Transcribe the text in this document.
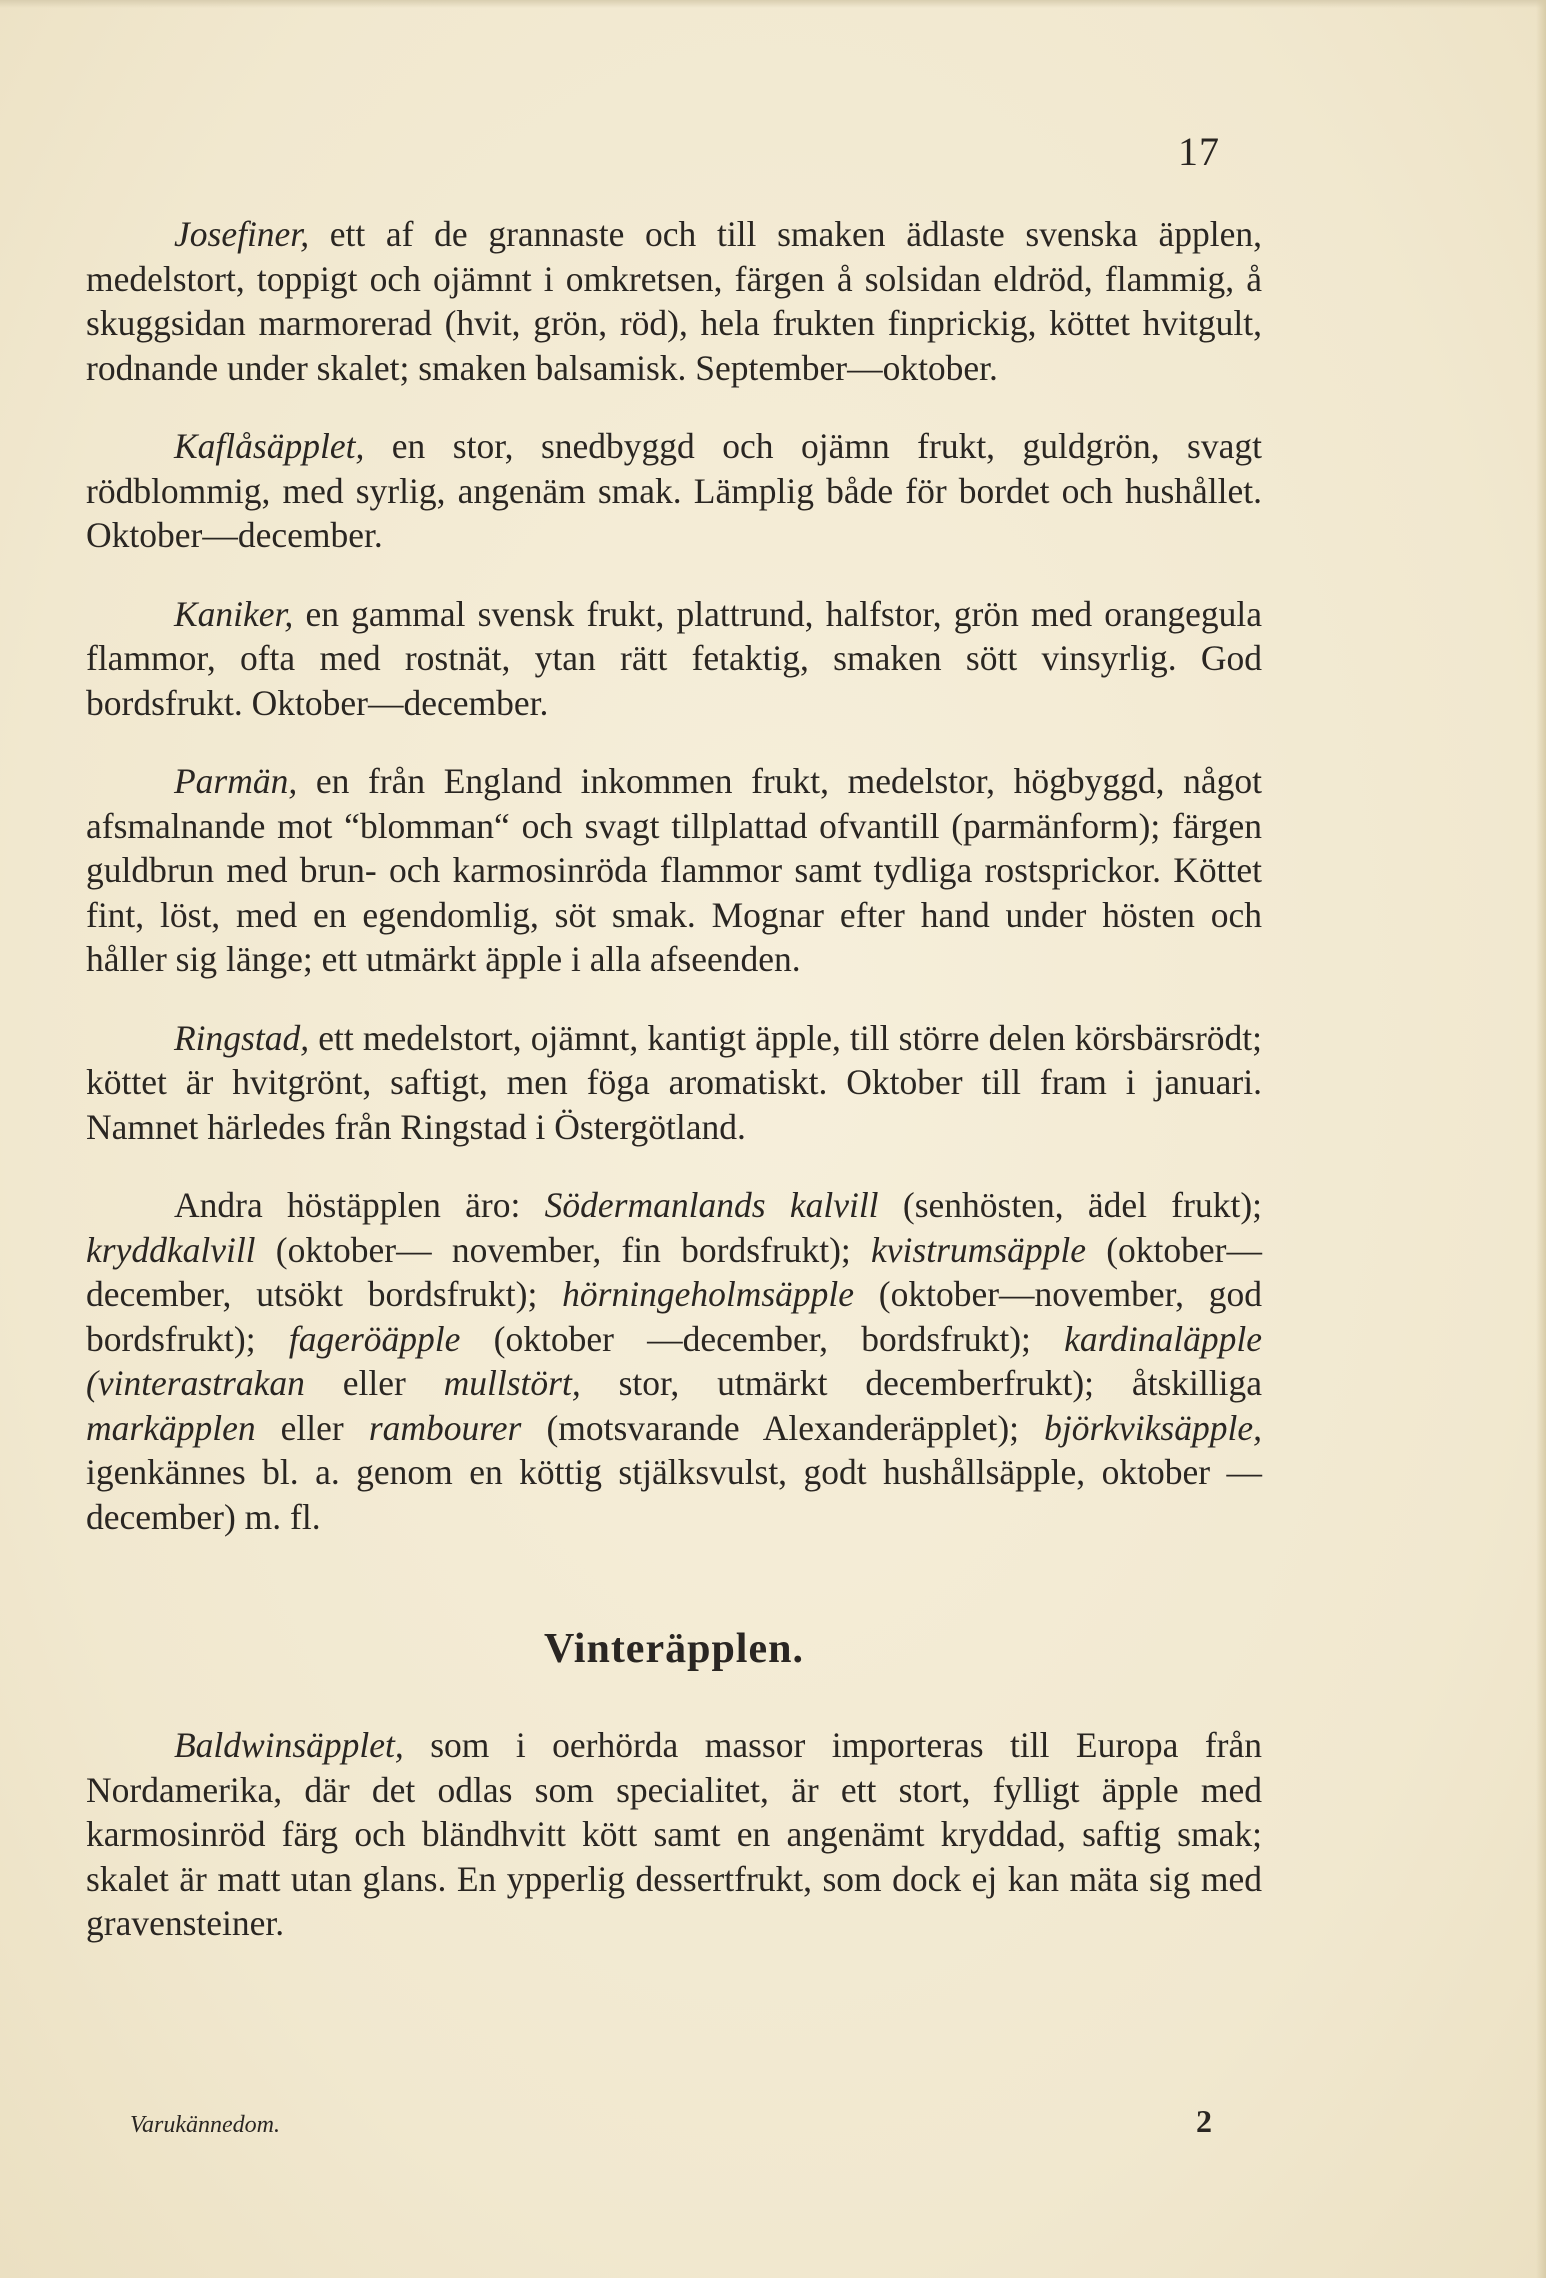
17

Josefiner, ett af de grannaste och till smaken ädlaste svenska äpplen, medelstort, toppigt och ojämnt i omkretsen, färgen å solsidan eldröd, flammig, å skuggsidan marmorerad (hvit, grön, röd), hela frukten finprickig, köttet hvitgult, rodnande under skalet; smaken balsamisk. September—oktober.

Kaflåsäpplet, en stor, snedbyggd och ojämn frukt, guldgrön, svagt rödblommig, med syrlig, angenäm smak. Lämplig både för bordet och hushållet. Oktober—december.

Kaniker, en gammal svensk frukt, plattrund, halfstor, grön med orangegula flammor, ofta med rostnät, ytan rätt fetaktig, smaken sött vinsyrlig. God bordsfrukt. Oktober—december.

Parmän, en från England inkommen frukt, medelstor, högbyggd, något afsmalnande mot “blomman“ och svagt tillplattad ofvantill (parmänform); färgen guldbrun med brun- och karmosinröda flammor samt tydliga rostsprickor. Köttet fint, löst, med en egendomlig, söt smak. Mognar efter hand under hösten och håller sig länge; ett utmärkt äpple i alla afseenden.

Ringstad, ett medelstort, ojämnt, kantigt äpple, till större delen körsbärsrödt; köttet är hvitgrönt, saftigt, men föga aromatiskt. Oktober till fram i januari. Namnet härledes från Ringstad i Östergötland.

Andra höstäpplen äro: Södermanlands kalvill (senhösten, ädel frukt); kryddkalvill (oktober— november, fin bordsfrukt); kvistrumsäpple (oktober—december, utsökt bordsfrukt); hörningeholmsäpple (oktober—november, god bordsfrukt); fageröäpple (oktober —december, bordsfrukt); kardinaläpple (vinterastrakan eller mullstört, stor, utmärkt decemberfrukt); åtskilliga markäpplen eller rambourer (motsvarande Alexanderäpplet); björkviksäpple, igenkännes bl. a. genom en köttig stjälksvulst, godt hushållsäpple, oktober — december) m. fl.

Vinteräpplen.

Baldwinsäpplet, som i oerhörda massor importeras till Europa från Nordamerika, där det odlas som specialitet, är ett stort, fylligt äpple med karmosinröd färg och bländhvitt kött samt en angenämt kryddad, saftig smak; skalet är matt utan glans. En ypperlig dessertfrukt, som dock ej kan mäta sig med gravensteiner.

Varukännedom.	2
